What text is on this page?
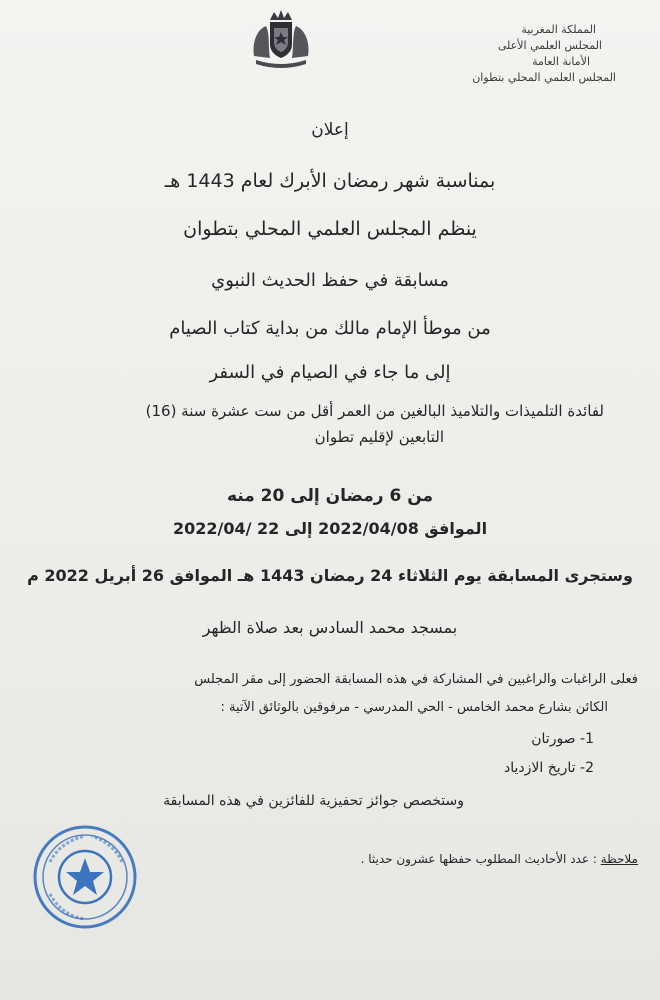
المملكة المغربية
المجلس العلمي الأعلى
الأمانة العامة
المجلس العلمي المحلي بتطوان
إعلان
بمناسبة شهر رمضان الأبرك لعام 1443 هـ
ينظم المجلس العلمي المحلي بتطوان
مسابقة في حفظ الحديث النبوي
من موطأ الإمام مالك من بداية كتاب الصيام
إلى ما جاء في الصيام في السفر
لفائدة التلميذات والتلاميذ البالغين من العمر أقل من ست عشرة سنة (16)
التابعين لإقليم تطوان
من 6 رمضان إلى 20 منه
الموافق 2022/04/08 إلى 22 /2022/04
وستجرى المسابقة يوم الثلاثاء 24 رمضان 1443 هـ الموافق 26 أبريل 2022 م
بمسجد محمد السادس بعد صلاة الظهر
فعلى الراغبات والراغبين في المشاركة في هذه المسابقة الحضور إلى مقر المجلس
الكائن بشارع محمد الخامس - الحي المدرسي - مرفوقين بالوثائق الآتية :
1- صورتان
2- تاريخ الازدياد
وستخصص جوائز تحفيزية للفائزين في هذه المسابقة
ملاحظة : عدد الأحاديث المطلوب حفظها عشرون حديثا .
